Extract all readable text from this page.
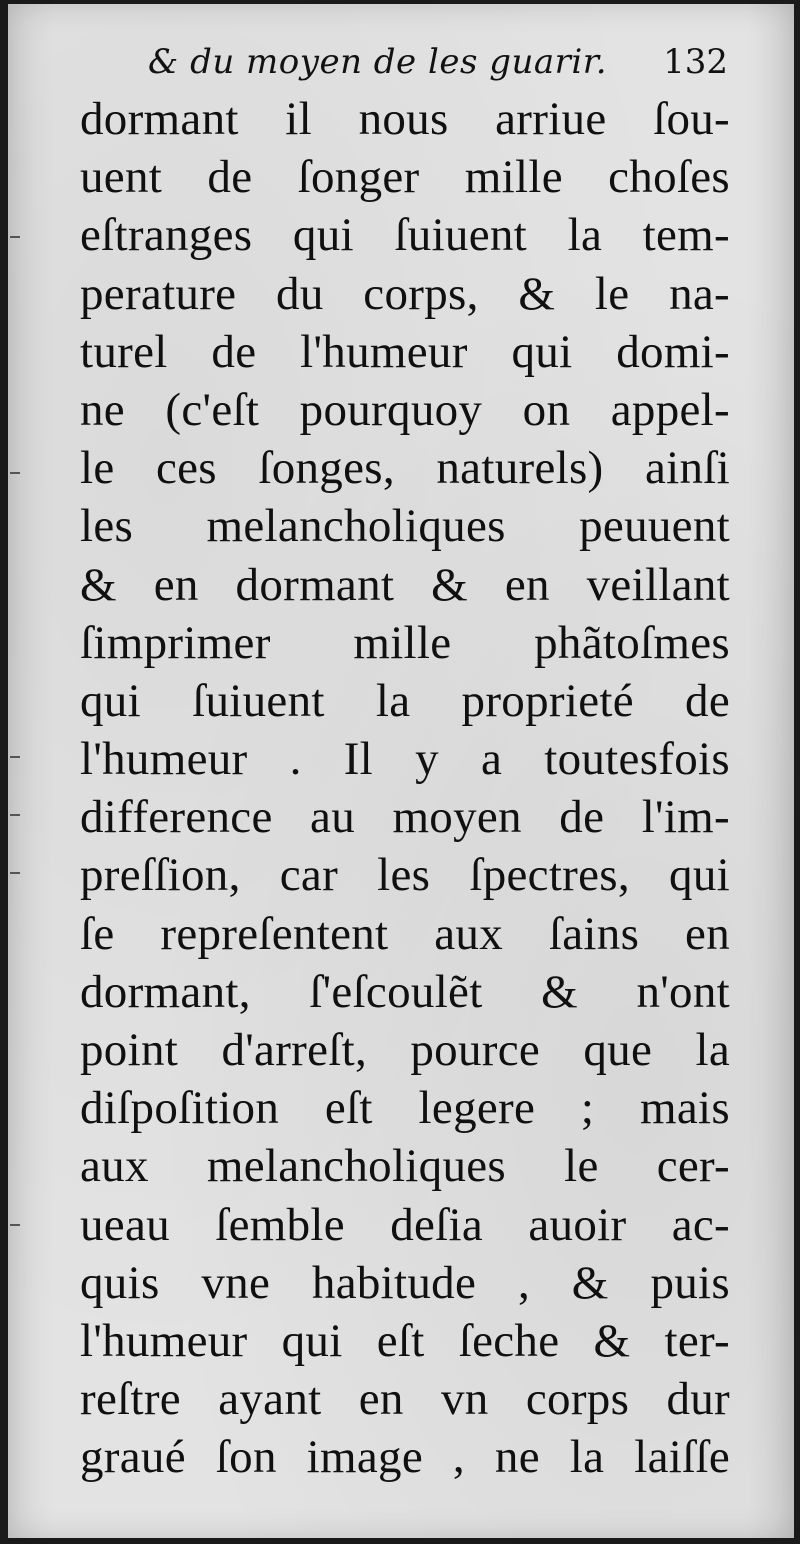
& du moyen de les guarir. 132
dormant il nous arriue ſou-
uent de ſonger mille choſes
eſtranges qui ſuiuent la tem-
perature du corps, & le na-
turel de l'humeur qui domi-
ne (c'eſt pourquoy on appel-
le ces ſonges, naturels) ainſi
les melancholiques peuuent
& en dormant & en veillant
ſimprimer mille phãtoſmes
qui ſuiuent la proprieté de
l'humeur . Il y a toutesfois
difference au moyen de l'im-
preſſion, car les ſpectres, qui
ſe repreſentent aux ſains en
dormant, ſ'eſcoulẽt & n'ont
point d'arreſt, pource que la
diſpoſition eſt legere ; mais
aux melancholiques le cer-
ueau ſemble deſia auoir ac-
quis vne habitude , & puis
l'humeur qui eſt ſeche & ter-
reſtre ayant en vn corps dur
graué ſon image , ne la laiſſe
